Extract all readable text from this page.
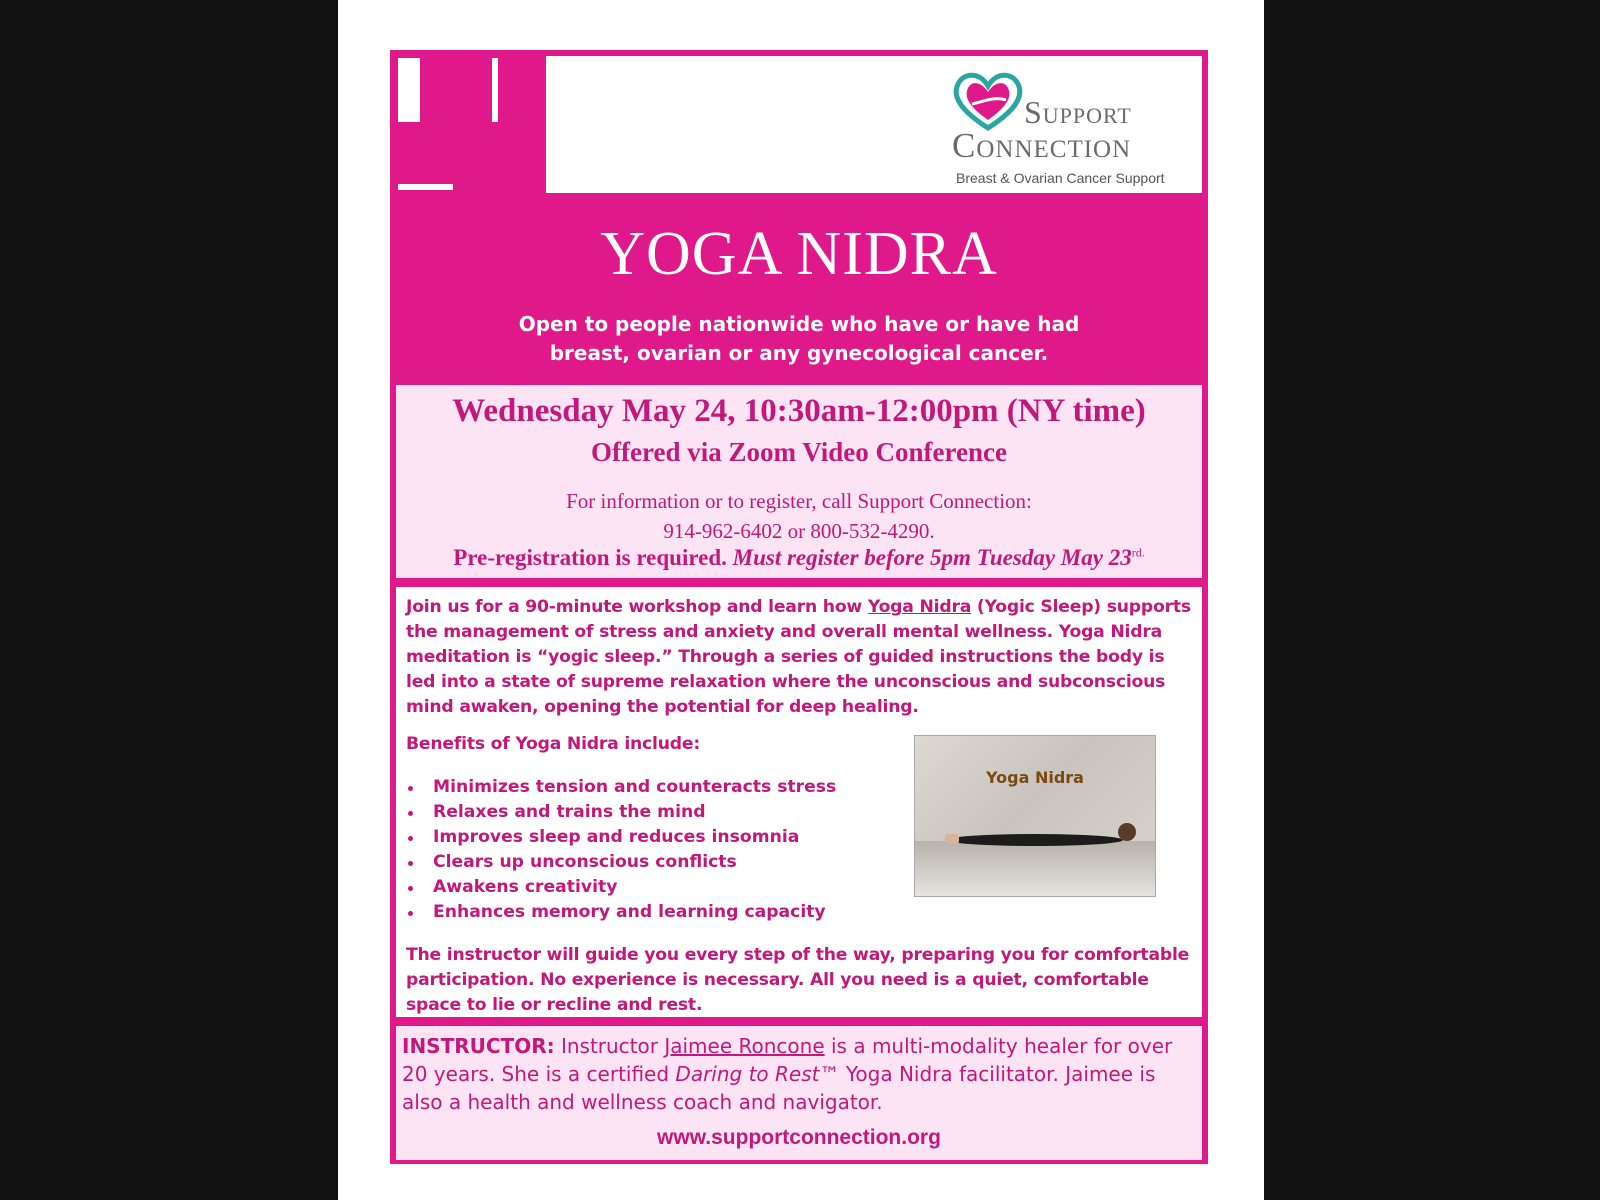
Support
Connection
Breast & Ovarian Cancer Support
YOGA NIDRA
Open to people nationwide who have or have had
breast, ovarian or any gynecological cancer.
Wednesday May 24, 10:30am-12:00pm (NY time)
Offered via Zoom Video Conference
For information or to register, call Support Connection:
914-962-6402 or 800-532-4290.
Pre-registration is required. Must register before 5pm Tuesday May $23^{rd.}$
Join us for a 90-minute workshop and learn how Yoga Nidra (Yogic Sleep) supports the management of stress and anxiety and overall mental wellness. Yoga Nidra meditation is “yogic sleep.” Through a series of guided instructions the body is led into a state of supreme relaxation where the unconscious and subconscious mind awaken, opening the potential for deep healing.
Benefits of Yoga Nidra include:
Minimizes tension and counteracts stress
Relaxes and trains the mind
Improves sleep and reduces insomnia
Clears up unconscious conflicts
Awakens creativity
Enhances memory and learning capacity
Yoga Nidra
The instructor will guide you every step of the way, preparing you for comfortable participation. No experience is necessary. All you need is a quiet, comfortable space to lie or recline and rest.
INSTRUCTOR: Instructor Jaimee Roncone is a multi-modality healer for over 20 years. She is a certified Daring to Rest™ Yoga Nidra facilitator. Jaimee is also a health and wellness coach and navigator.
www.supportconnection.org
